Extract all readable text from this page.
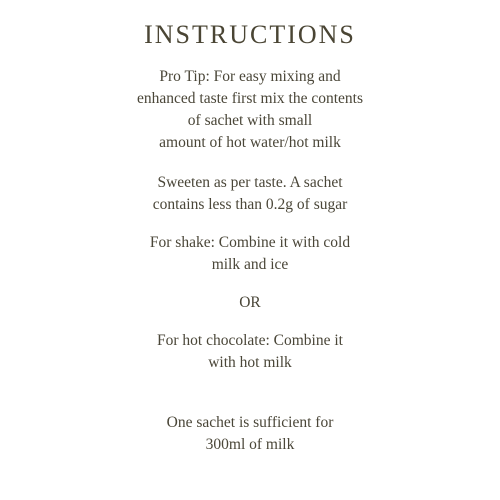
INSTRUCTIONS
Pro Tip: For easy mixing and
enhanced taste first mix the contents
of sachet with small
amount of hot water/hot milk
Sweeten as per taste. A sachet
contains less than 0.2g of sugar
For shake: Combine it with cold
milk and ice
OR
For hot chocolate: Combine it
with hot milk
One sachet is sufficient for
300ml of milk
